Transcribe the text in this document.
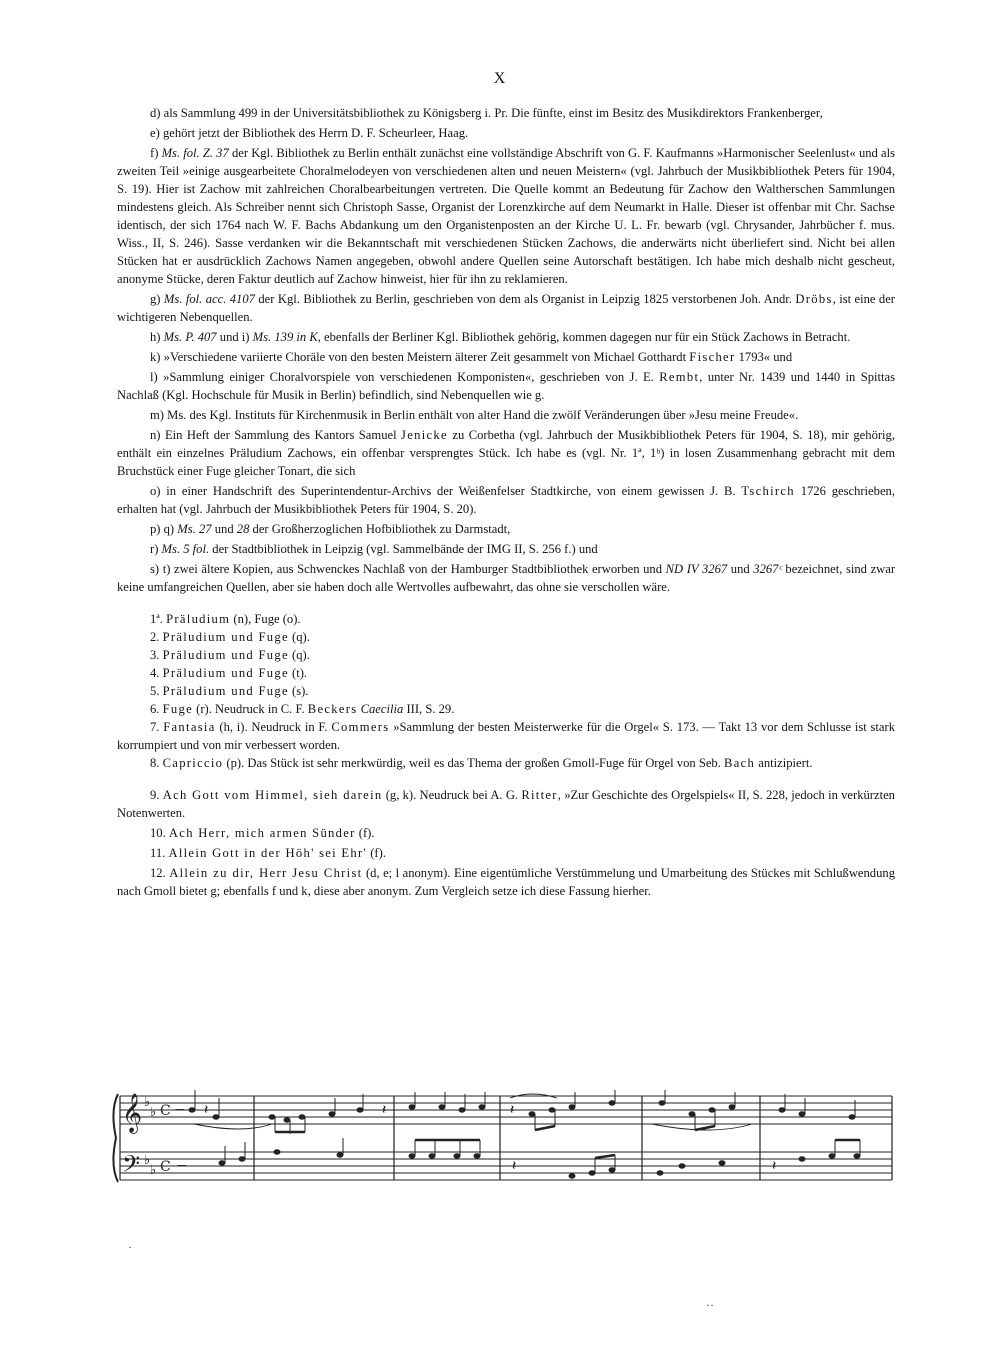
X

d) als Sammlung 499 in der Universitätsbibliothek zu Königsberg i. Pr. Die fünfte, einst im Besitz des Musikdirektors Frankenberger,

e) gehört jetzt der Bibliothek des Herrn D. F. Scheurleer, Haag.

f) Ms. fol. Z. 37 der Kgl. Bibliothek zu Berlin enthält zunächst eine vollständige Abschrift von G. F. Kaufmanns »Harmonischer Seelenlust« und als zweiten Teil »einige ausgearbeitete Choralmelodeyen von verschiedenen alten und neuen Meistern« (vgl. Jahrbuch der Musikbibliothek Peters für 1904, S. 19). Hier ist Zachow mit zahlreichen Choralbearbeitungen vertreten. Die Quelle kommt an Bedeutung für Zachow den Waltherschen Sammlungen mindestens gleich. Als Schreiber nennt sich Christoph Sasse, Organist der Lorenzkirche auf dem Neumarkt in Halle. Dieser ist offenbar mit Chr. Sachse identisch, der sich 1764 nach W. F. Bachs Abdankung um den Organistenposten an der Kirche U. L. Fr. bewarb (vgl. Chrysander, Jahrbücher f. mus. Wiss., II, S. 246). Sasse verdanken wir die Bekanntschaft mit verschiedenen Stücken Zachows, die anderwärts nicht überliefert sind. Nicht bei allen Stücken hat er ausdrücklich Zachows Namen angegeben, obwohl andere Quellen seine Autorschaft bestätigen. Ich habe mich deshalb nicht gescheut, anonyme Stücke, deren Faktur deutlich auf Zachow hinweist, hier für ihn zu reklamieren.

g) Ms. fol. acc. 4107 der Kgl. Bibliothek zu Berlin, geschrieben von dem als Organist in Leipzig 1825 verstorbenen Joh. Andr. Dröbs, ist eine der wichtigeren Nebenquellen.

h) Ms. P. 407 und i) Ms. 139 in K, ebenfalls der Berliner Kgl. Bibliothek gehörig, kommen dagegen nur für ein Stück Zachows in Betracht.

k) »Verschiedene variierte Choräle von den besten Meistern älterer Zeit gesammelt von Michael Gotthardt Fischer 1793« und

l) »Sammlung einiger Choralvorspiele von verschiedenen Komponisten«, geschrieben von J. E. Rembt, unter Nr. 1439 und 1440 in Spittas Nachlaß (Kgl. Hochschule für Musik in Berlin) befindlich, sind Nebenquellen wie g.

m) Ms. des Kgl. Instituts für Kirchenmusik in Berlin enthält von alter Hand die zwölf Veränderungen über »Jesu meine Freude«.

n) Ein Heft der Sammlung des Kantors Samuel Jenicke zu Corbetha (vgl. Jahrbuch der Musikbibliothek Peters für 1904, S. 18), mir gehörig, enthält ein einzelnes Präludium Zachows, ein offenbar versprengtes Stück. Ich habe es (vgl. Nr. 1ª, 1ᵇ) in losen Zusammenhang gebracht mit dem Bruchstück einer Fuge gleicher Tonart, die sich

o) in einer Handschrift des Superintendentur-Archivs der Weißenfelser Stadtkirche, von einem gewissen J. B. Tschirch 1726 geschrieben, erhalten hat (vgl. Jahrbuch der Musikbibliothek Peters für 1904, S. 20).

p) q) Ms. 27 und 28 der Großherzoglichen Hofbibliothek zu Darmstadt,

r) Ms. 5 fol. der Stadtbibliothek in Leipzig (vgl. Sammelbände der IMG II, S. 256 f.) und

s) t) zwei ältere Kopien, aus Schwenckes Nachlaß von der Hamburger Stadtbibliothek erworben und ND IV 3267 und 3267ᶜ bezeichnet, sind zwar keine umfangreichen Quellen, aber sie haben doch alle Wertvolles aufbewahrt, das ohne sie verschollen wäre.

1ª. Präludium (n), Fuge (o).

2. Präludium und Fuge (q).

3. Präludium und Fuge (q).

4. Präludium und Fuge (t).

5. Präludium und Fuge (s).

6. Fuge (r). Neudruck in C. F. Beckers Caecilia III, S. 29.

7. Fantasia (h, i). Neudruck in F. Commers »Sammlung der besten Meisterwerke für die Orgel« S. 173. — Takt 13 vor dem Schlusse ist stark korrumpiert und von mir verbessert worden.

8. Capriccio (p). Das Stück ist sehr merkwürdig, weil es das Thema der großen Gmoll-Fuge für Orgel von Seb. Bach antizipiert.

9. Ach Gott vom Himmel, sieh darein (g, k). Neudruck bei A. G. Ritter, »Zur Geschichte des Orgelspiels« II, S. 228, jedoch in verkürzten Notenwerten.

10. Ach Herr, mich armen Sünder (f).

11. Allein Gott in der Höh' sei Ehr' (f).

12. Allein zu dir, Herr Jesu Christ (d, e; l anonym). Eine eigentümliche Verstümmelung und Umarbeitung des Stückes mit Schlußwendung nach Gmoll bietet g; ebenfalls f und k, diese aber anonym. Zum Vergleich setze ich diese Fassung hierher.

𝄞
𝄢
♭
♭
♭
♭
C
C
− 𝄽	𝄽	𝄽
−	𝄽	𝄽
·
··
